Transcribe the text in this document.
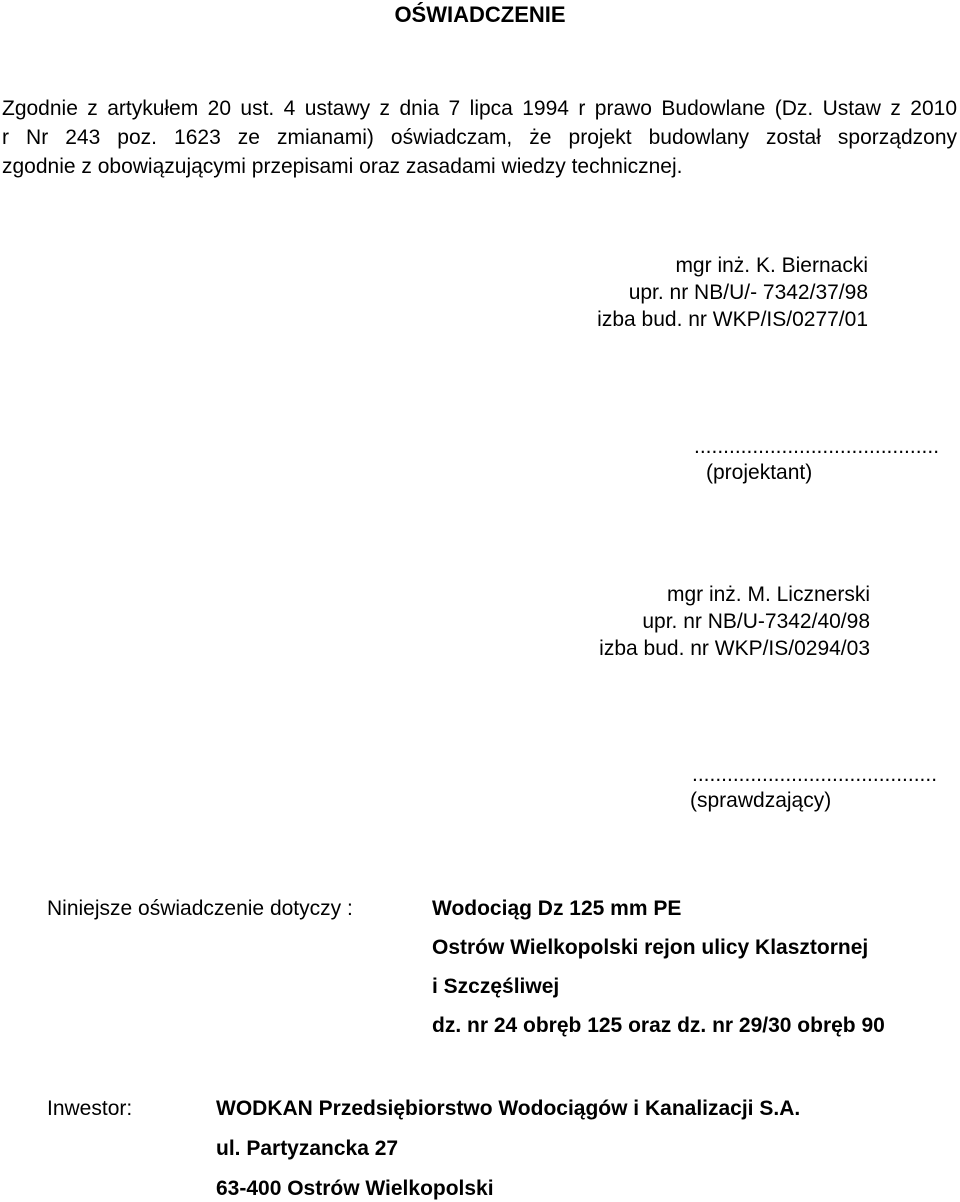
OŚWIADCZENIE
Zgodnie z artykułem 20 ust. 4 ustawy z dnia 7 lipca 1994 r prawo Budowlane (Dz. Ustaw z 2010
r Nr 243 poz. 1623 ze zmianami) oświadczam, że projekt budowlany został sporządzony
zgodnie z obowiązującymi przepisami oraz zasadami wiedzy technicznej.
mgr inż. K. Biernacki
upr. nr NB/U/- 7342/37/98
izba bud. nr WKP/IS/0277/01
..........................................
(projektant)
mgr inż. M. Licznerski
upr. nr NB/U-7342/40/98
izba bud. nr WKP/IS/0294/03
..........................................
(sprawdzający)
Niniejsze oświadczenie dotyczy :	Wodociąg Dz 125 mm PE
Ostrów Wielkopolski rejon ulicy Klasztornej
i Szczęśliwej
dz. nr 24 obręb 125 oraz dz. nr 29/30 obręb 90
Inwestor:	WODKAN Przedsiębiorstwo Wodociągów i Kanalizacji S.A.
ul. Partyzancka 27
63-400 Ostrów Wielkopolski
